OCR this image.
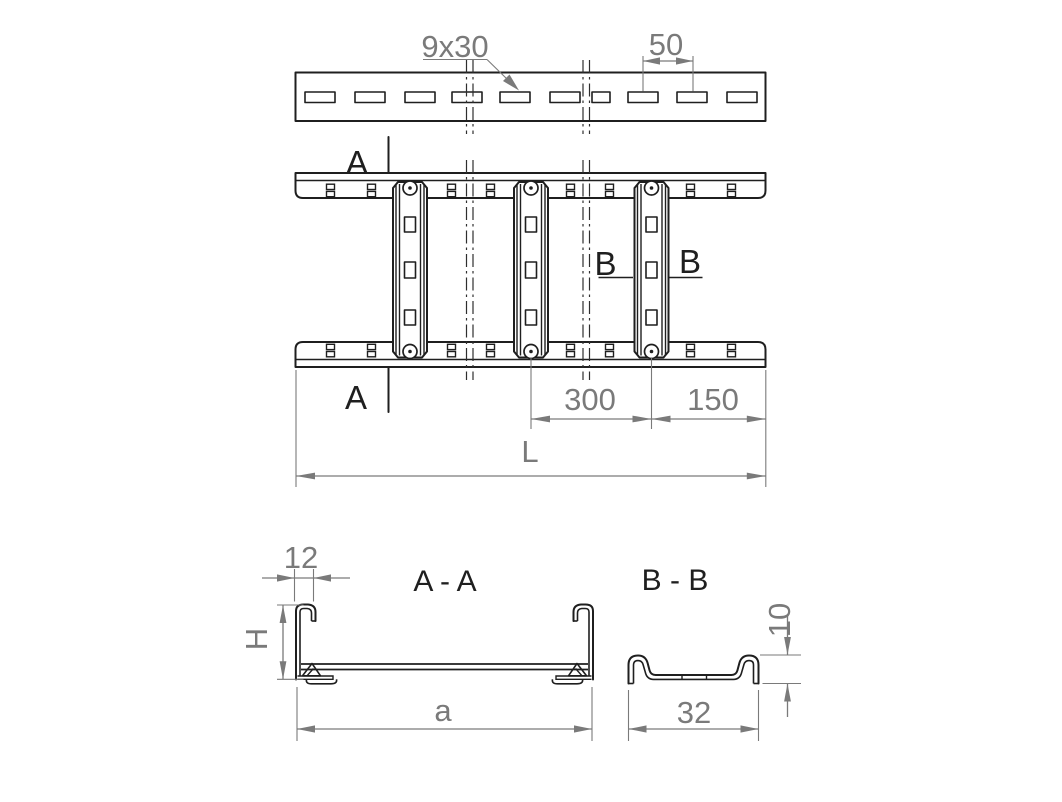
9x30	50
A
A
B B
300 150
L
A - A
12
H
a
B - B
10
32
